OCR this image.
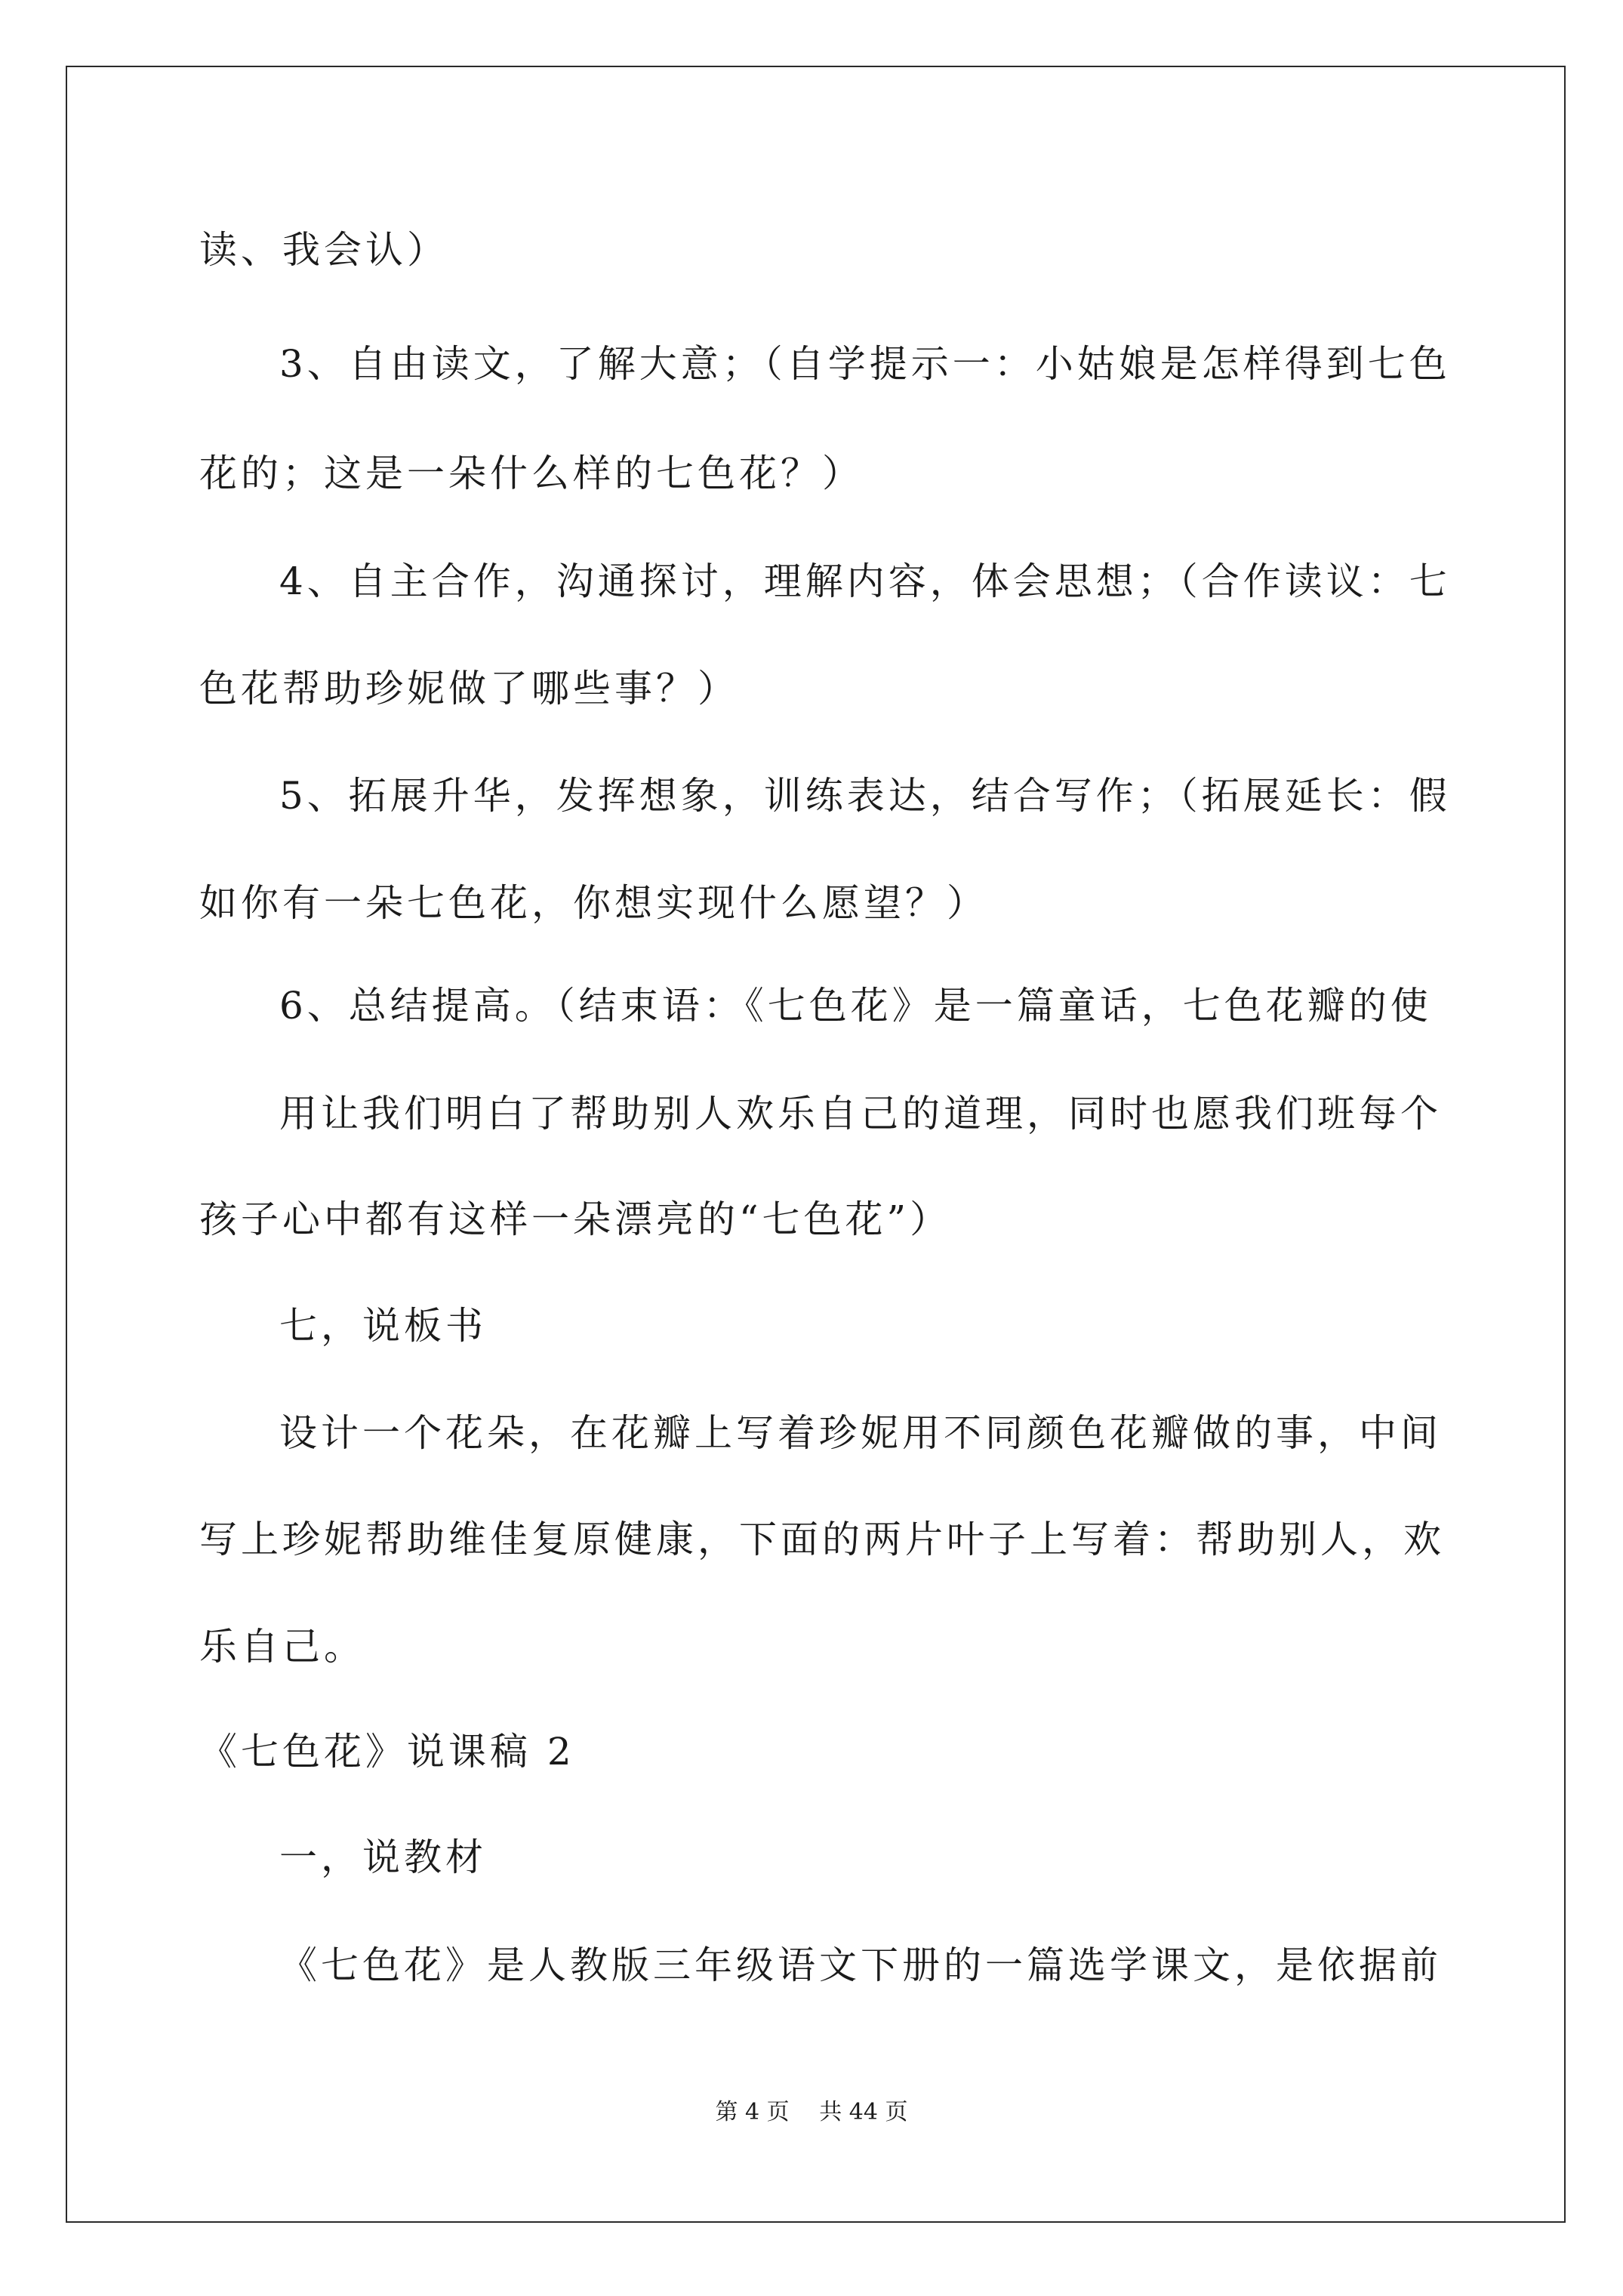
读、我会认）
3、自由读文，了解大意；（自学提示一：小姑娘是怎样得到七色
花的；这是一朵什么样的七色花？）
4、自主合作，沟通探讨，理解内容，体会思想；（合作读议：七
色花帮助珍妮做了哪些事？）
5、拓展升华，发挥想象，训练表达，结合写作；（拓展延长：假
如你有一朵七色花，你想实现什么愿望？）
6、总结提高。（结束语：《七色花》是一篇童话，七色花瓣的使
用让我们明白了帮助别人欢乐自己的道理，同时也愿我们班每个
孩子心中都有这样一朵漂亮的“七色花”）
七，说板书
设计一个花朵，在花瓣上写着珍妮用不同颜色花瓣做的事，中间
写上珍妮帮助维佳复原健康，下面的两片叶子上写着：帮助别人，欢
乐自己。
《七色花》说课稿 2
一，说教材
《七色花》是人教版三年级语文下册的一篇选学课文，是依据前
第 4 页　 共 44 页
